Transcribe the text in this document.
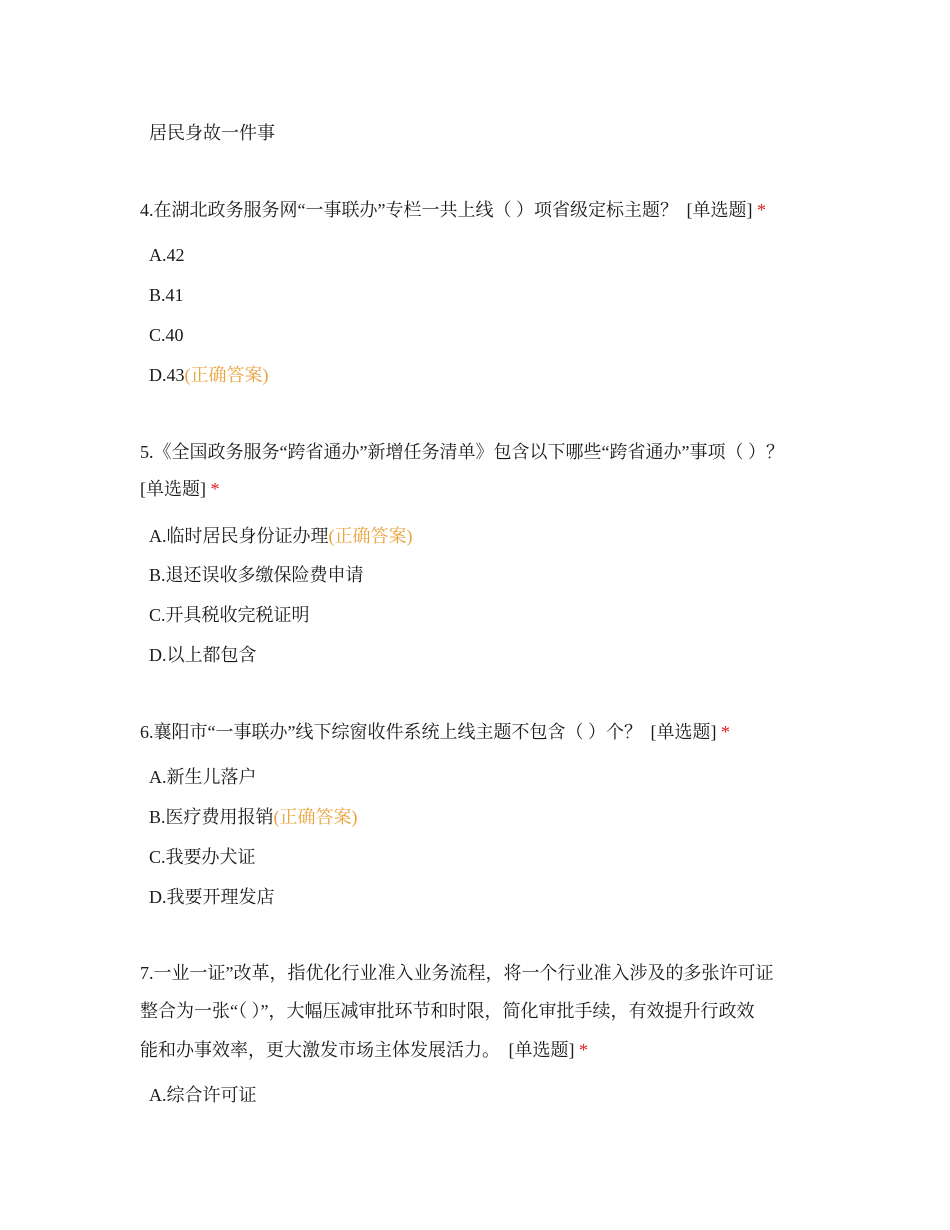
居民身故一件事
4.在湖北政务服务网“一事联办”专栏一共上线（ ）项省级定标主题？ [单选题] *
A.42
B.41
C.40
D.43(正确答案)
5.《全国政务服务“跨省通办”新增任务清单》包含以下哪些“跨省通办”事项（ ）？
[单选题] *
A.临时居民身份证办理(正确答案)
B.退还误收多缴保险费申请
C.开具税收完税证明
D.以上都包含
6.襄阳市“一事联办”线下综窗收件系统上线主题不包含（ ）个？ [单选题] *
A.新生儿落户
B.医疗费用报销(正确答案)
C.我要办犬证
D.我要开理发店
7.一业一证”改革，指优化行业准入业务流程，将一个行业准入涉及的多张许可证
整合为一张“（ ）”，大幅压减审批环节和时限，简化审批手续，有效提升行政效
能和办事效率，更大激发市场主体发展活力。 [单选题] *
A.综合许可证
